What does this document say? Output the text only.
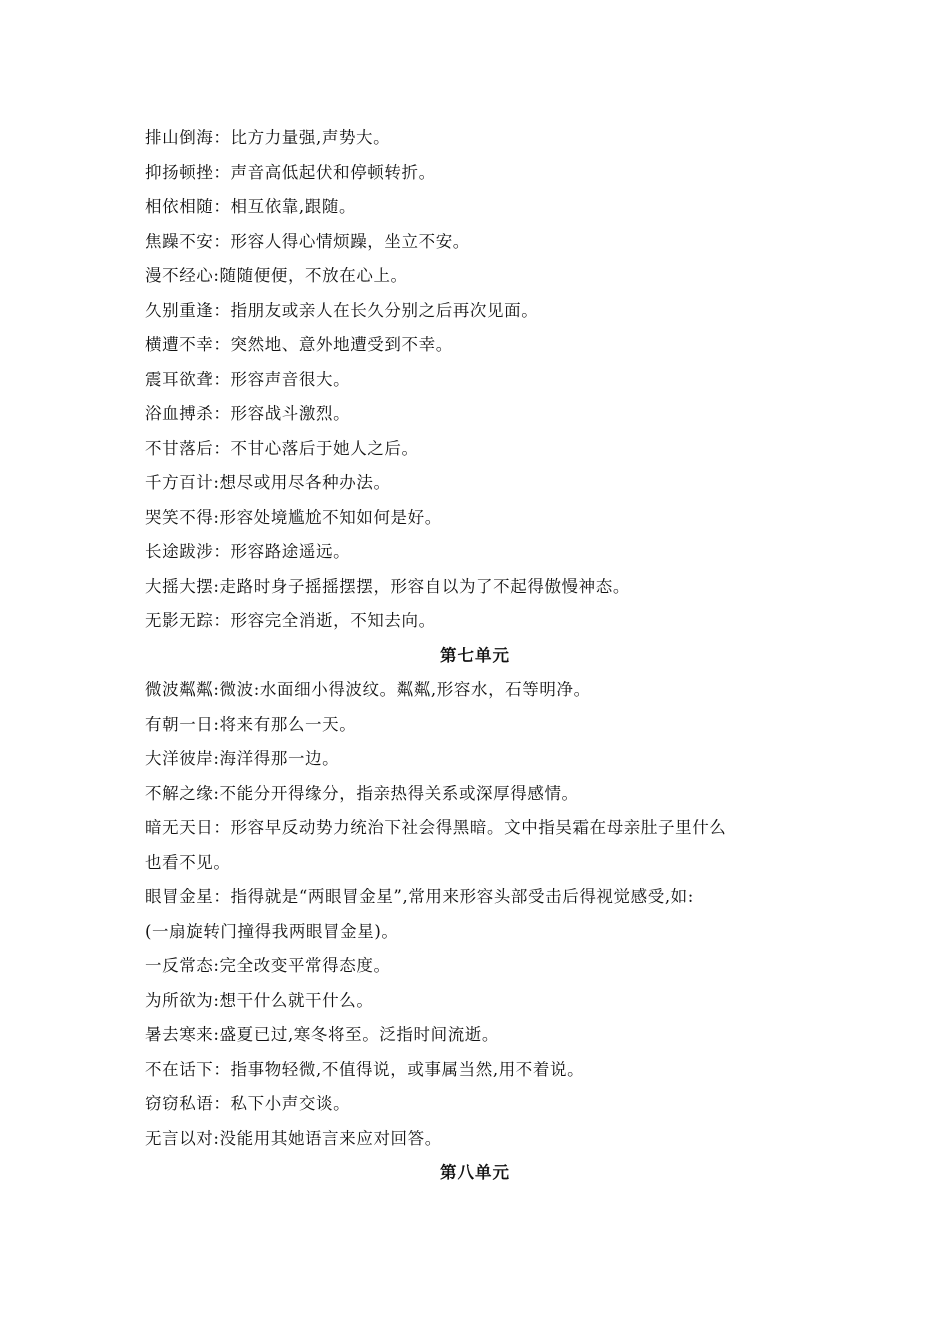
排山倒海：比方力量强,声势大。
抑扬顿挫：声音高低起伏和停顿转折。
相依相随：相互依靠,跟随。
焦躁不安：形容人得心情烦躁，坐立不安。
漫不经心:随随便便，不放在心上。
久别重逢：指朋友或亲人在长久分别之后再次见面。
横遭不幸：突然地、意外地遭受到不幸。
震耳欲聋：形容声音很大。
浴血搏杀：形容战斗激烈。
不甘落后：不甘心落后于她人之后。
千方百计:想尽或用尽各种办法。
哭笑不得:形容处境尴尬不知如何是好。
长途跋涉：形容路途遥远。
大摇大摆:走路时身子摇摇摆摆，形容自以为了不起得傲慢神态。
无影无踪：形容完全消逝，不知去向。
第七单元
微波粼粼:微波:水面细小得波纹。粼粼,形容水，石等明净。
有朝一日:将来有那么一天。
大洋彼岸:海洋得那一边。
不解之缘:不能分开得缘分，指亲热得关系或深厚得感情。
暗无天日：形容早反动势力统治下社会得黑暗。文中指吴霜在母亲肚子里什么
也看不见。
眼冒金星：指得就是“两眼冒金星”,常用来形容头部受击后得视觉感受,如:
(一扇旋转门撞得我两眼冒金星)。
一反常态:完全改变平常得态度。
为所欲为:想干什么就干什么。
暑去寒来:盛夏已过,寒冬将至。泛指时间流逝。
不在话下：指事物轻微,不值得说，或事属当然,用不着说。
窃窃私语：私下小声交谈。
无言以对:没能用其她语言来应对回答。
第八单元
